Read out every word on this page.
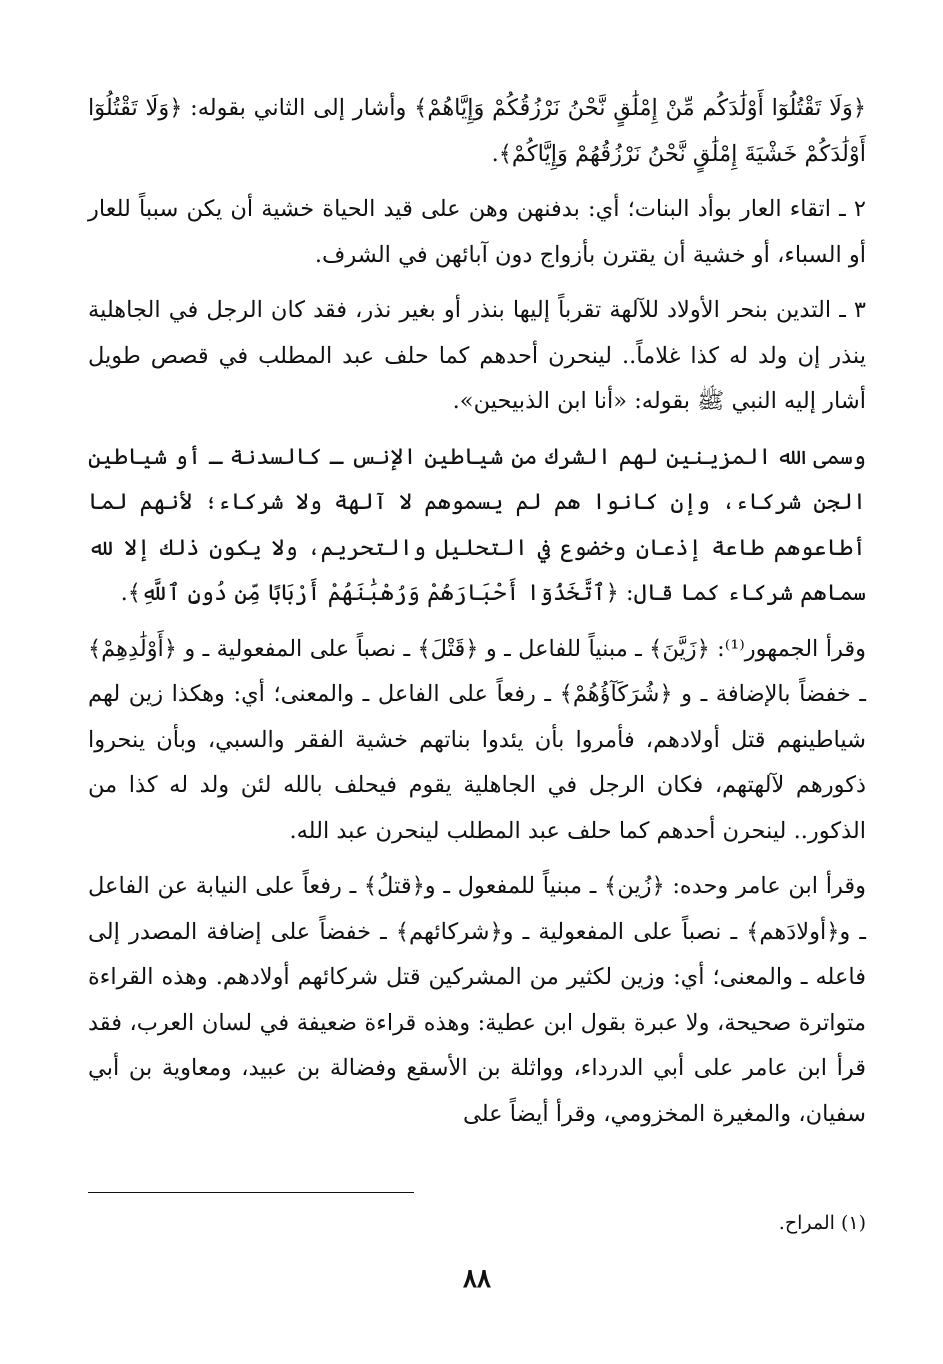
﴿وَلَا تَقْتُلُوٓا أَوْلَٰدَكُم مِّنْ إِمْلَٰقٍ نَّحْنُ نَرْزُقُكُمْ وَإِيَّاهُمْ﴾ وأشار إلى الثاني بقوله: ﴿وَلَا تَقْتُلُوٓا أَوْلَٰدَكُمْ خَشْيَةَ إِمْلَٰقٍ نَّحْنُ نَرْزُقُهُمْ وَإِيَّاكُمْ﴾.

٢ ـ اتقاء العار بوأد البنات؛ أي: بدفنهن وهن على قيد الحياة خشية أن يكن سبباً للعار أو السباء، أو خشية أن يقترن بأزواج دون آبائهن في الشرف.

٣ ـ التدين بنحر الأولاد للآلهة تقرباً إليها بنذر أو بغير نذر، فقد كان الرجل في الجاهلية ينذر إن ولد له كذا غلاماً.. لينحرن أحدهم كما حلف عبد المطلب في قصص طويل أشار إليه النبي ﷺ بقوله: «أنا ابن الذبيحين».

وسمى الله المزينين لهم الشرك من شياطين الإنس ـ كالسدنة ـ أو شياطين الجن شركاء، وإن كانوا هم لم يسموهم لا آلهة ولا شركاء؛ لأنهم لما أطاعوهم طاعة إذعان وخضوع في التحليل والتحريم، ولا يكون ذلك إلا لله سماهم شركاء كما قال: ﴿ٱتَّخَذُوٓا أَحْبَارَهُمْ وَرُهْبَٰنَهُمْ أَرْبَابًا مِّن دُونِ ٱللَّهِ﴾.

وقرأ الجمهور⁽¹⁾: ﴿زَيَّنَ﴾ ـ مبنياً للفاعل ـ و ﴿قَتْلَ﴾ ـ نصباً على المفعولية ـ و ﴿أَوْلَٰدِهِمْ﴾ ـ خفضاً بالإضافة ـ و ﴿شُرَكَآؤُهُمْ﴾ ـ رفعاً على الفاعل ـ والمعنى؛ أي: وهكذا زين لهم شياطينهم قتل أولادهم، فأمروا بأن يئدوا بناتهم خشية الفقر والسبي، وبأن ينحروا ذكورهم لآلهتهم، فكان الرجل في الجاهلية يقوم فيحلف بالله لئن ولد له كذا من الذكور.. لينحرن أحدهم كما حلف عبد المطلب لينحرن عبد الله.

وقرأ ابن عامر وحده: ﴿زُين﴾ ـ مبنياً للمفعول ـ و﴿قتلُ﴾ ـ رفعاً على النيابة عن الفاعل ـ و﴿أولادَهم﴾ ـ نصباً على المفعولية ـ و﴿شركائهم﴾ ـ خفضاً على إضافة المصدر إلى فاعله ـ والمعنى؛ أي: وزين لكثير من المشركين قتل شركائهم أولادهم. وهذه القراءة متواترة صحيحة، ولا عبرة بقول ابن عطية: وهذه قراءة ضعيفة في لسان العرب، فقد قرأ ابن عامر على أبي الدرداء، وواثلة بن الأسقع وفضالة بن عبيد، ومعاوية بن أبي سفيان، والمغيرة المخزومي، وقرأ أيضاً على

(١) المراح.
٨٨
